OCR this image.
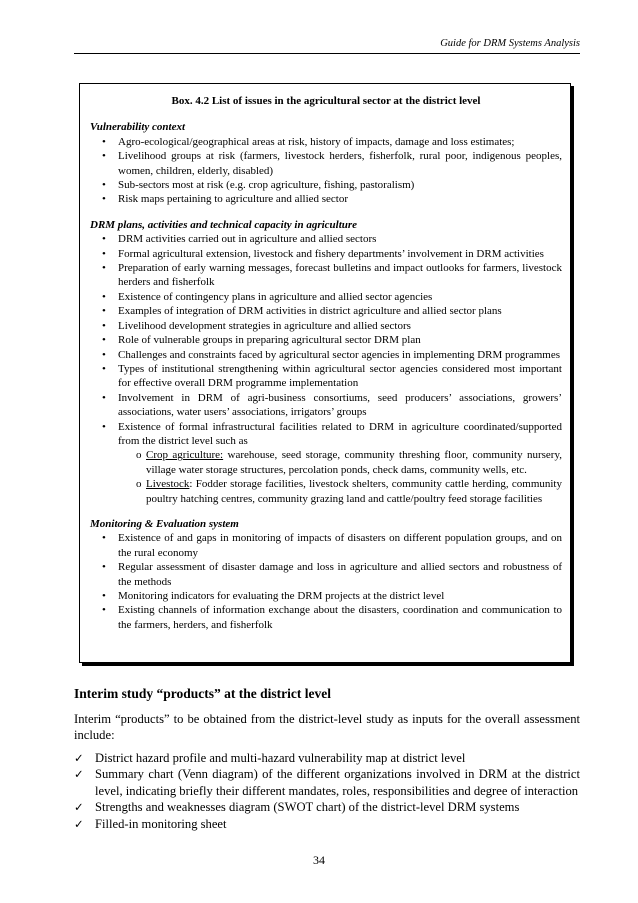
Guide for DRM Systems Analysis
Box. 4.2 List of issues in the agricultural sector at the district level
Vulnerability context
• Agro-ecological/geographical areas at risk, history of impacts, damage and loss estimates;
• Livelihood groups at risk (farmers, livestock herders, fisherfolk, rural poor, indigenous peoples, women, children, elderly, disabled)
• Sub-sectors most at risk (e.g. crop agriculture, fishing, pastoralism)
• Risk maps pertaining to agriculture and allied sector
DRM plans, activities and technical capacity in agriculture
• DRM activities carried out in agriculture and allied sectors
• Formal agricultural extension, livestock and fishery departments’ involvement in DRM activities
• Preparation of early warning messages, forecast bulletins and impact outlooks for farmers, livestock herders and fisherfolk
• Existence of contingency plans in agriculture and allied sector agencies
• Examples of integration of DRM activities in district agriculture and allied sector plans
• Livelihood development strategies in agriculture and allied sectors
• Role of vulnerable groups in preparing agricultural sector DRM plan
• Challenges and constraints faced by agricultural sector agencies in implementing DRM programmes
• Types of institutional strengthening within agricultural sector agencies considered most important for effective overall DRM programme implementation
• Involvement in DRM of agri-business consortiums, seed producers’ associations, growers’ associations, water users’ associations, irrigators’ groups
• Existence of formal infrastructural facilities related to DRM in agriculture coordinated/supported from the district level such as
o Crop agriculture: warehouse, seed storage, community threshing floor, community nursery, village water storage structures, percolation ponds, check dams, community wells, etc.
o Livestock: Fodder storage facilities, livestock shelters, community cattle herding, community poultry hatching centres, community grazing land and cattle/poultry feed storage facilities
Monitoring & Evaluation system
• Existence of and gaps in monitoring of impacts of disasters on different population groups, and on the rural economy
• Regular assessment of disaster damage and loss in agriculture and allied sectors and robustness of the methods
• Monitoring indicators for evaluating the DRM projects at the district level
• Existing channels of information exchange about the disasters, coordination and communication to the farmers, herders, and fisherfolk
Interim study “products” at the district level

Interim “products” to be obtained from the district-level study as inputs for the overall assessment include:

✓ District hazard profile and multi-hazard vulnerability map at district level
✓ Summary chart (Venn diagram) of the different organizations involved in DRM at the district level, indicating briefly their different mandates, roles, responsibilities and degree of interaction
✓ Strengths and weaknesses diagram (SWOT chart) of the district-level DRM systems
✓ Filled-in monitoring sheet
34
